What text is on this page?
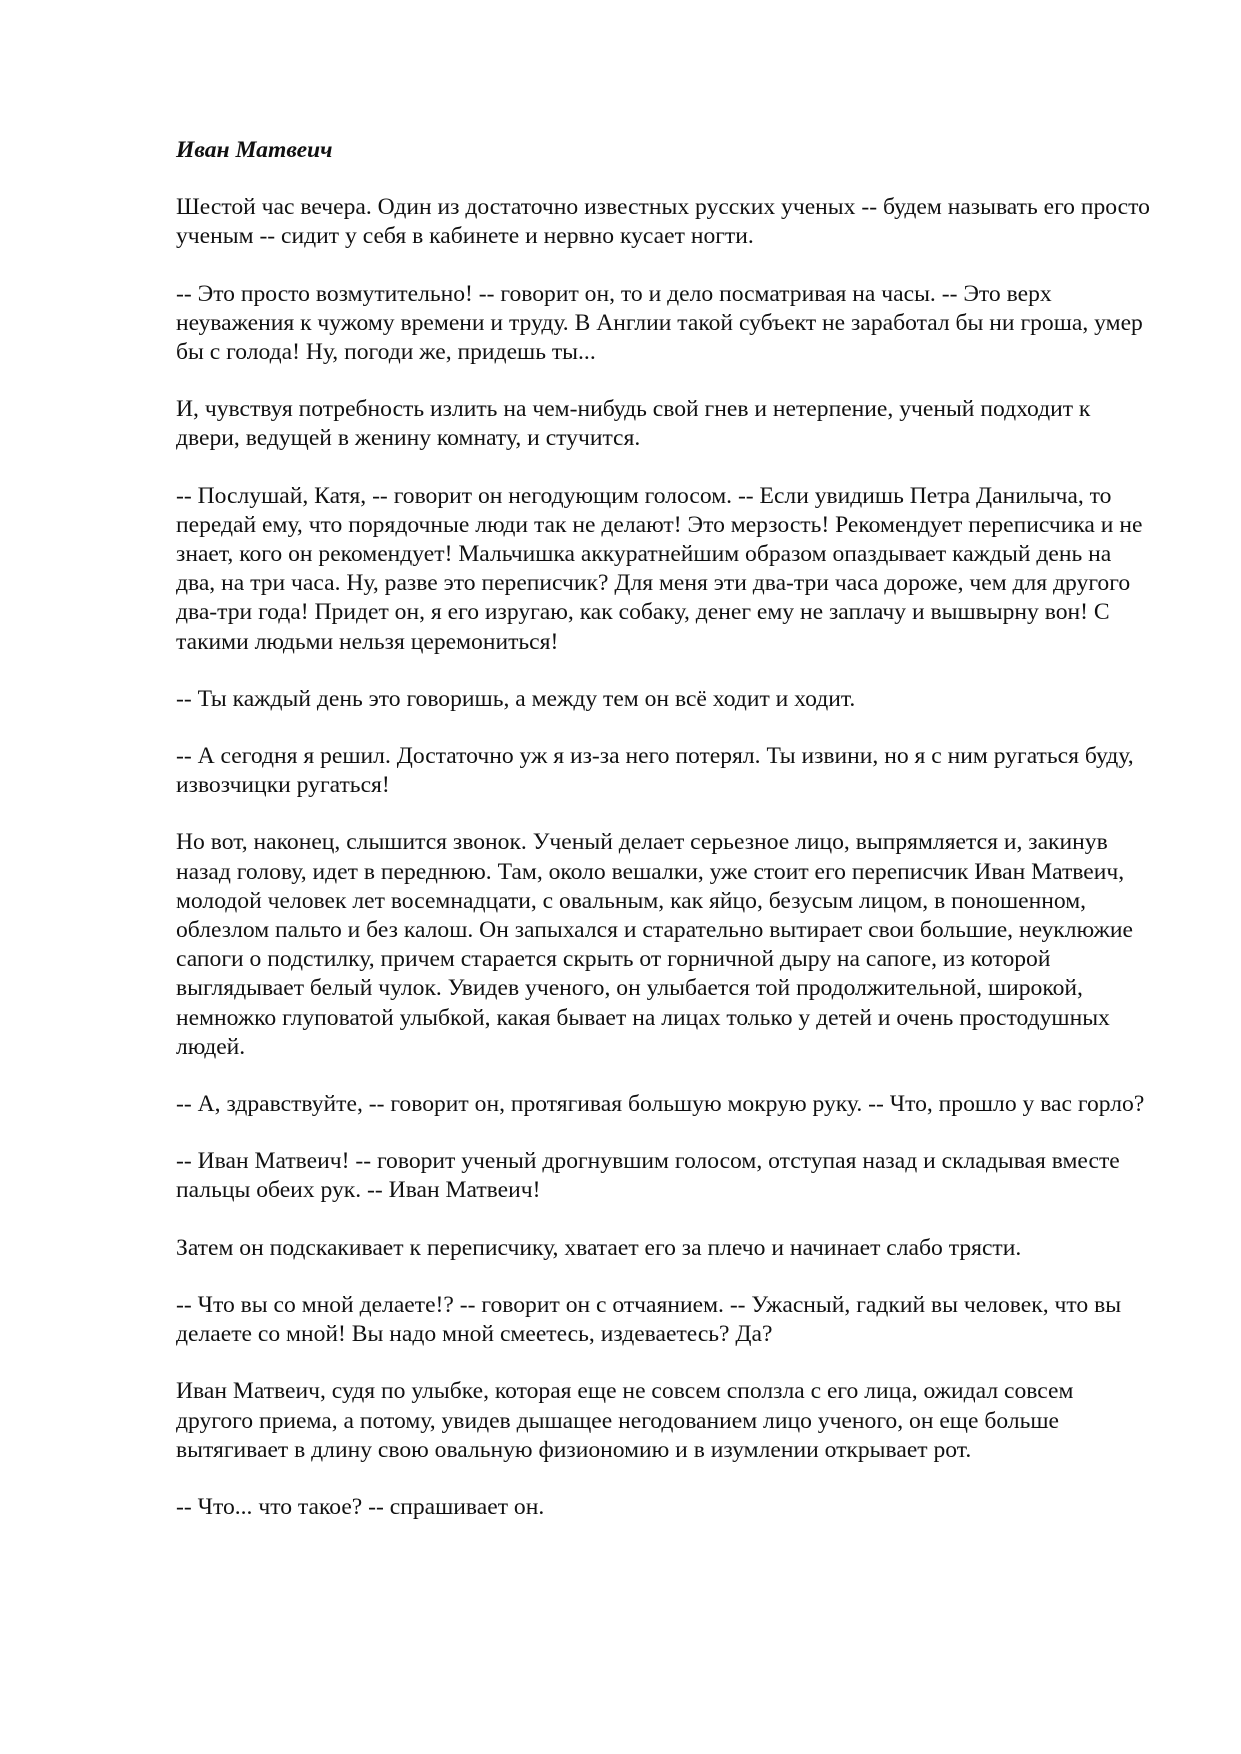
Иван Матвеич

Шестой час вечера. Один из достаточно известных русских ученых -- будем называть его просто ученым -- сидит у себя в кабинете и нервно кусает ногти.

-- Это просто возмутительно! -- говорит он, то и дело посматривая на часы. -- Это верх неуважения к чужому времени и труду. В Англии такой субъект не заработал бы ни гроша, умер бы с голода! Ну, погоди же, придешь ты...

И, чувствуя потребность излить на чем-нибудь свой гнев и нетерпение, ученый подходит к двери, ведущей в женину комнату, и стучится.

-- Послушай, Катя, -- говорит он негодующим голосом. -- Если увидишь Петра Данилыча, то передай ему, что порядочные люди так не делают! Это мерзость! Рекомендует переписчика и не знает, кого он рекомендует! Мальчишка аккуратнейшим образом опаздывает каждый день на два, на три часа. Ну, разве это переписчик? Для меня эти два-три часа дороже, чем для другого два-три года! Придет он, я его изругаю, как собаку, денег ему не заплачу и вышвырну вон! С такими людьми нельзя церемониться!

-- Ты каждый день это говоришь, а между тем он всё ходит и ходит.

-- А сегодня я решил. Достаточно уж я из-за него потерял. Ты извини, но я с ним ругаться буду, извозчицки ругаться!

Но вот, наконец, слышится звонок. Ученый делает серьезное лицо, выпрямляется и, закинув назад голову, идет в переднюю. Там, около вешалки, уже стоит его переписчик Иван Матвеич, молодой человек лет восемнадцати, с овальным, как яйцо, безусым лицом, в поношенном, облезлом пальто и без калош. Он запыхался и старательно вытирает свои большие, неуклюжие сапоги о подстилку, причем старается скрыть от горничной дыру на сапоге, из которой выглядывает белый чулок. Увидев ученого, он улыбается той продолжительной, широкой, немножко глуповатой улыбкой, какая бывает на лицах только у детей и очень простодушных людей.

-- А, здравствуйте, -- говорит он, протягивая большую мокрую руку. -- Что, прошло у вас горло?

-- Иван Матвеич! -- говорит ученый дрогнувшим голосом, отступая назад и складывая вместе пальцы обеих рук. -- Иван Матвеич!

Затем он подскакивает к переписчику, хватает его за плечо и начинает слабо трясти.

-- Что вы со мной делаете!? -- говорит он с отчаянием. -- Ужасный, гадкий вы человек, что вы делаете со мной! Вы надо мной смеетесь, издеваетесь? Да?

Иван Матвеич, судя по улыбке, которая еще не совсем сползла с его лица, ожидал совсем другого приема, а потому, увидев дышащее негодованием лицо ученого, он еще больше вытягивает в длину свою овальную физиономию и в изумлении открывает рот.

-- Что... что такое? -- спрашивает он.
